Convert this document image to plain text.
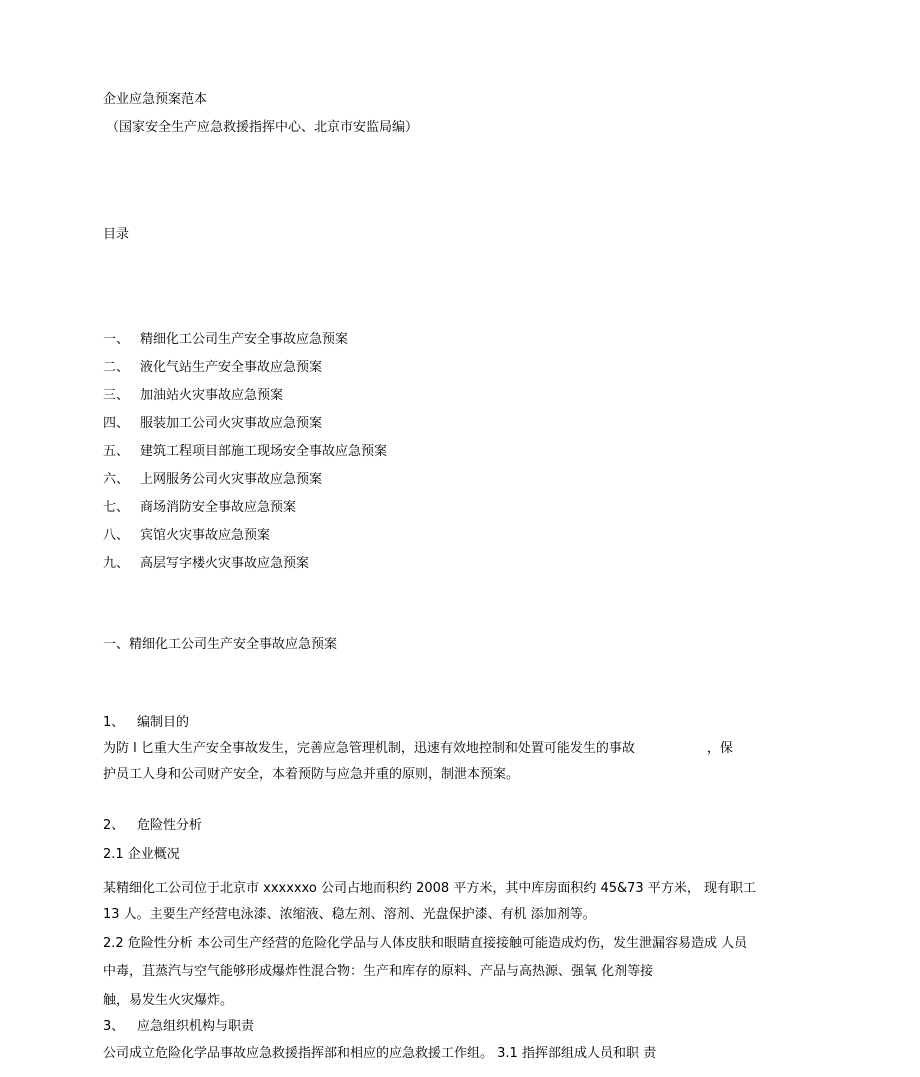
企业应急预案范本
（国家安全生产应急救援指挥中心、北京市安监局编）
目录
一、 精细化工公司生产安全事故应急预案
二、 液化气站生产安全事故应急预案
三、 加油站火灾事故应急预案
四、 服装加工公司火灾事故应急预案
五、 建筑工程项目部施工现场安全事故应急预案
六、 上网服务公司火灾事故应急预案
七、 商场消防安全事故应急预案
八、 宾馆火灾事故应急预案
九、 高层写字楼火灾事故应急预案
一、精细化工公司生产安全事故应急预案
1、 编制目的
为防 l 匕重大生产安全事故发生，完善应急管理机制，迅速有效地控制和处置可能发生的事故	，保
护员工人身和公司财产安全，本着预防与应急并重的原则，制泄本预案。
2、 危险性分析
2.1 企业概况
某精细化工公司位于北京市 xxxxxxo 公司占地而积约 2008 平方米，其中库房面积约 45&73 平方米， 现有职工
13 人。主要生产经营电泳漆、浓缩液、稳左剂、溶剂、光盘保护漆、有机 添加剂等。
2.2 危险性分析 本公司生产经营的危险化学品与人体皮肤和眼睛直接接触可能造成灼伤，发生泄漏容易造成 人员
中毒，苴蒸汽与空气能够形成爆炸性混合物：生产和库存的原料、产品与高热源、强氧 化剂等接
触，易发生火灾爆炸。
3、 应急组织机构与职责
公司成立危险化学品事故应急救援指挥部和相应的应急救援工作组。 3.1 指挥部组成人员和职 责
